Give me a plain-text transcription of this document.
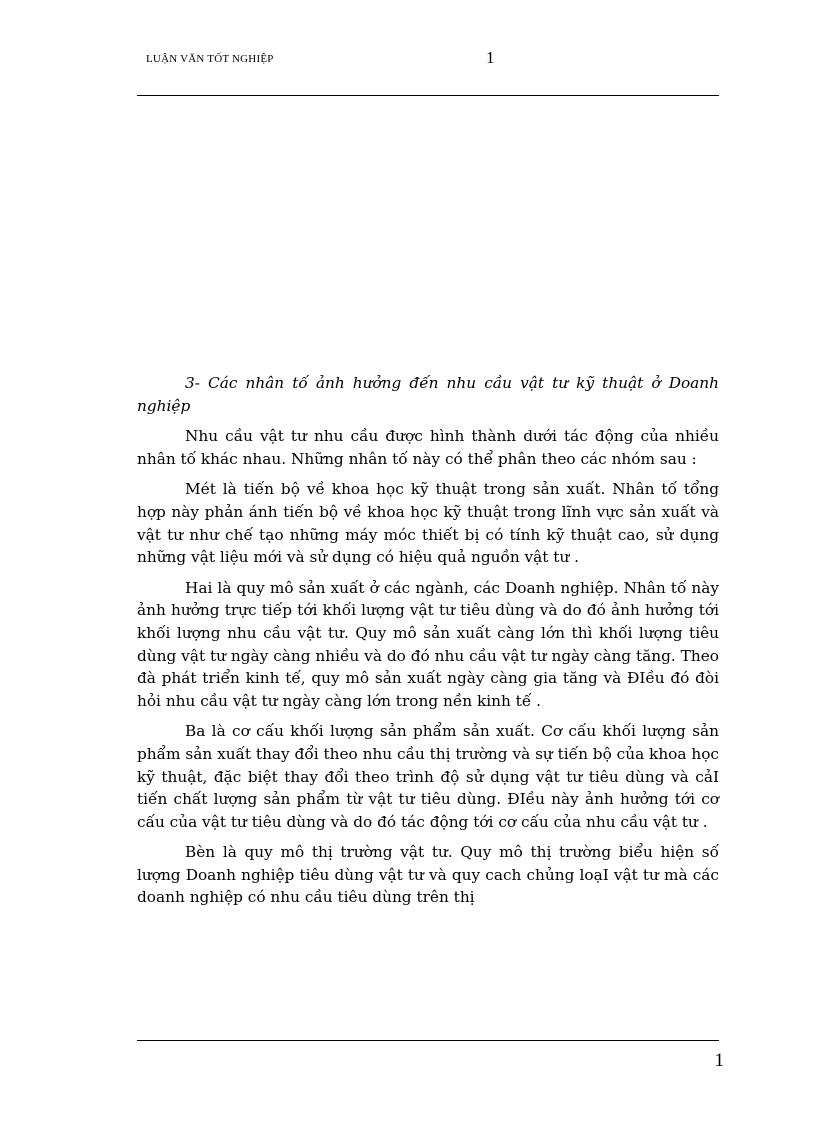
LUẬN VĂN TỐT NGHIỆP	1

3- Các nhân tố ảnh hưởng đến nhu cầu vật tư kỹ thuật ở Doanh nghiệp

Nhu cầu vật tư nhu cầu được hình thành dưới tác động của nhiều nhân tố khác nhau. Những nhân tố này có thể phân theo các nhóm sau :

Mét là tiến bộ về khoa học kỹ thuật trong sản xuất. Nhân tố tổng hợp này phản ánh tiến bộ về khoa học kỹ thuật trong lĩnh vực sản xuất và vật tư như chế tạo những máy móc thiết bị có tính kỹ thuật cao, sử dụng những vật liệu mới và sử dụng có hiệu quả nguồn vật tư .

Hai là quy mô sản xuất ở các ngành, các Doanh nghiệp. Nhân tố này ảnh hưởng trực tiếp tới khối lượng vật tư tiêu dùng và do đó ảnh hưởng tới khối lượng nhu cầu vật tư. Quy mô sản xuất càng lớn thì khối lượng tiêu dùng vật tư ngày càng nhiều và do đó nhu cầu vật tư ngày càng tăng. Theo đà phát triển kinh tế, quy mô sản xuất ngày càng gia tăng và ĐIều đó đòi hỏi nhu cầu vật tư ngày càng lớn trong nền kinh tế .

Ba là cơ cấu khối lượng sản phẩm sản xuất. Cơ cấu khối lượng sản phẩm sản xuất thay đổi theo nhu cầu thị trường và sự tiến bộ của khoa học kỹ thuật, đặc biệt thay đổi theo trình độ sử dụng vật tư tiêu dùng và cảI tiến chất lượng sản phẩm từ vật tư tiêu dùng. ĐIều này ảnh hưởng tới cơ cấu của vật tư tiêu dùng và do đó tác động tới cơ cấu của nhu cầu vật tư .

Bèn là quy mô thị trường vật tư. Quy mô thị trường biểu hiện số lượng Doanh nghiệp tiêu dùng vật tư và quy cach chủng loạI vật tư mà các doanh nghiệp có nhu cầu tiêu dùng trên thị

1
